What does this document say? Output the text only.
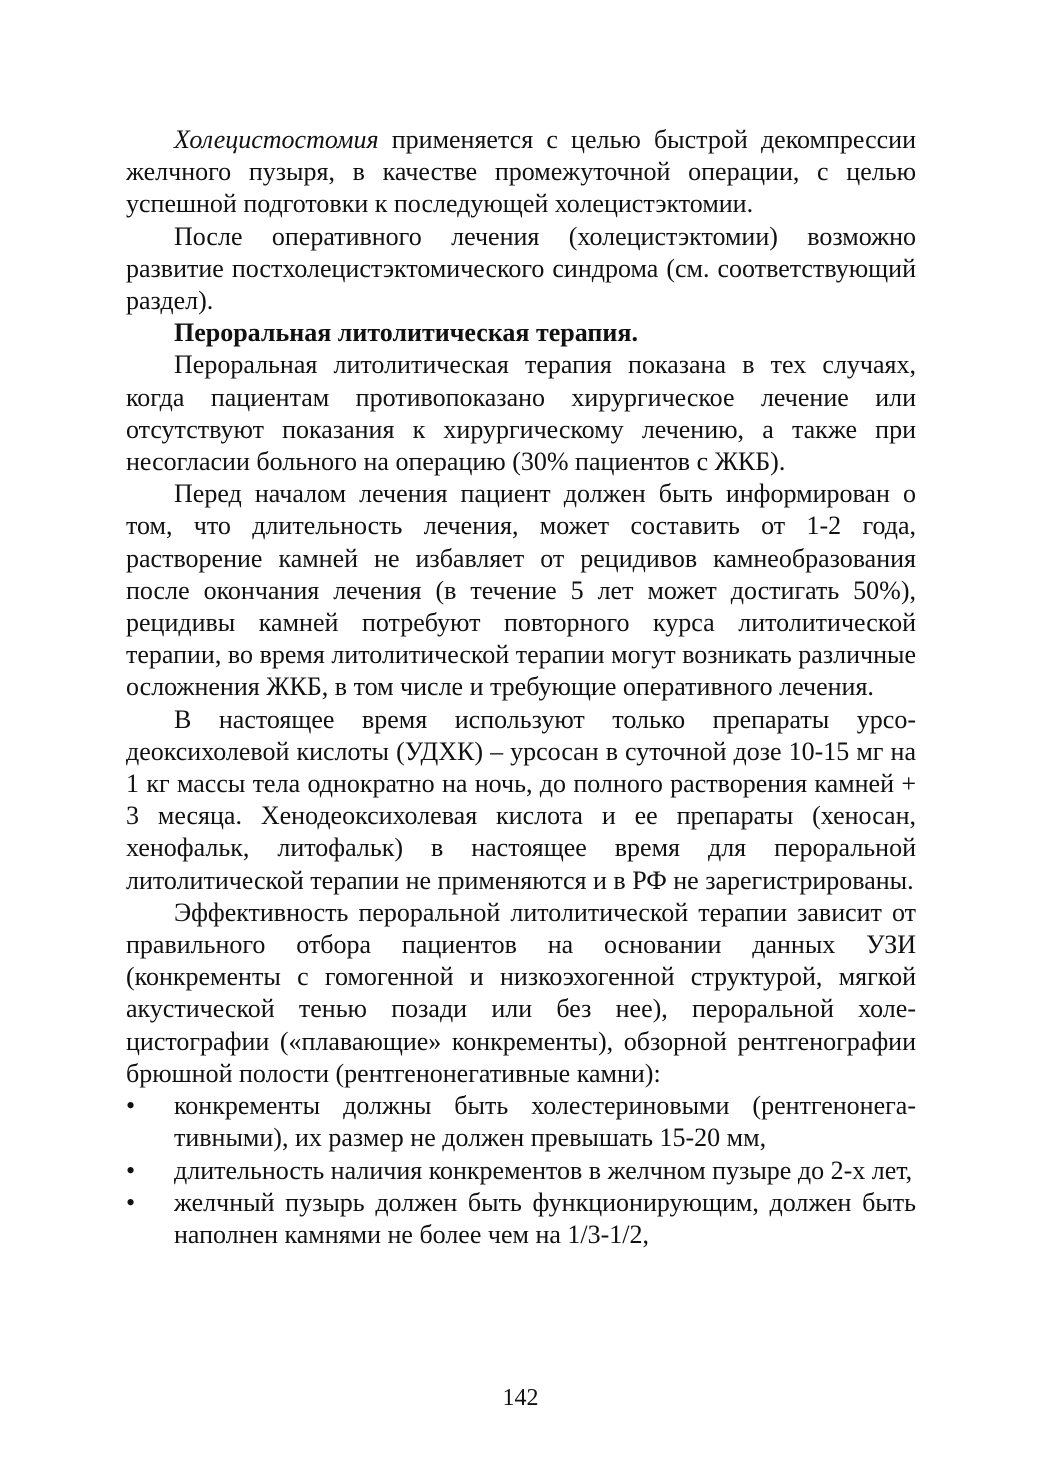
Холецистостомия применяется с целью быстрой декомпрессии желчного пузыря, в качестве промежуточной операции, с целью успешной подготовки к последующей холецистэктомии.

После оперативного лечения (холецистэктомии) возможно развитие постхолецистэктомического синдрома (см. соответствующий раздел).

Пероральная литолитическая терапия.

Пероральная литолитическая терапия показана в тех случаях, когда пациентам противопоказано хирургическое лечение или отсутствуют показания к хирургическому лечению, а также при несогласии больного на операцию (30% пациентов с ЖКБ).

Перед началом лечения пациент должен быть информирован о том, что длительность лечения, может составить от 1-2 года, растворение камней не избавляет от рецидивов камнеобразования после окончания лечения (в течение 5 лет может достигать 50%), рецидивы камней потребуют повторного курса литолитической терапии, во время литолитической терапии могут возникать различные осложнения ЖКБ, в том числе и требующие оперативного лечения.

В настоящее время используют только препараты урсодеоксихолевой кислоты (УДХК) – урсосан в суточной дозе 10-15 мг на 1 кг массы тела однократно на ночь, до полного растворения камней + 3 месяца. Хенодеоксихолевая кислота и ее препараты (хеносан, хенофальк, литофальк) в настоящее время для пероральной литолитической терапии не применяются и в РФ не зарегистрированы.

Эффективность пероральной литолитической терапии зависит от правильного отбора пациентов на основании данных УЗИ (конкременты с гомогенной и низкоэхогенной структурой, мягкой акустической тенью позади или без нее), пероральной холецистографии («плавающие» конкременты), обзорной рентгенографии брюшной полости (рентгенонегативные камни):

•	конкременты должны быть холестериновыми (рентгенонегативными), их размер не должен превышать 15-20 мм,
•	длительность наличия конкрементов в желчном пузыре до 2-х лет,
•	желчный пузырь должен быть функционирующим, должен быть наполнен камнями не более чем на 1/3-1/2,
142
